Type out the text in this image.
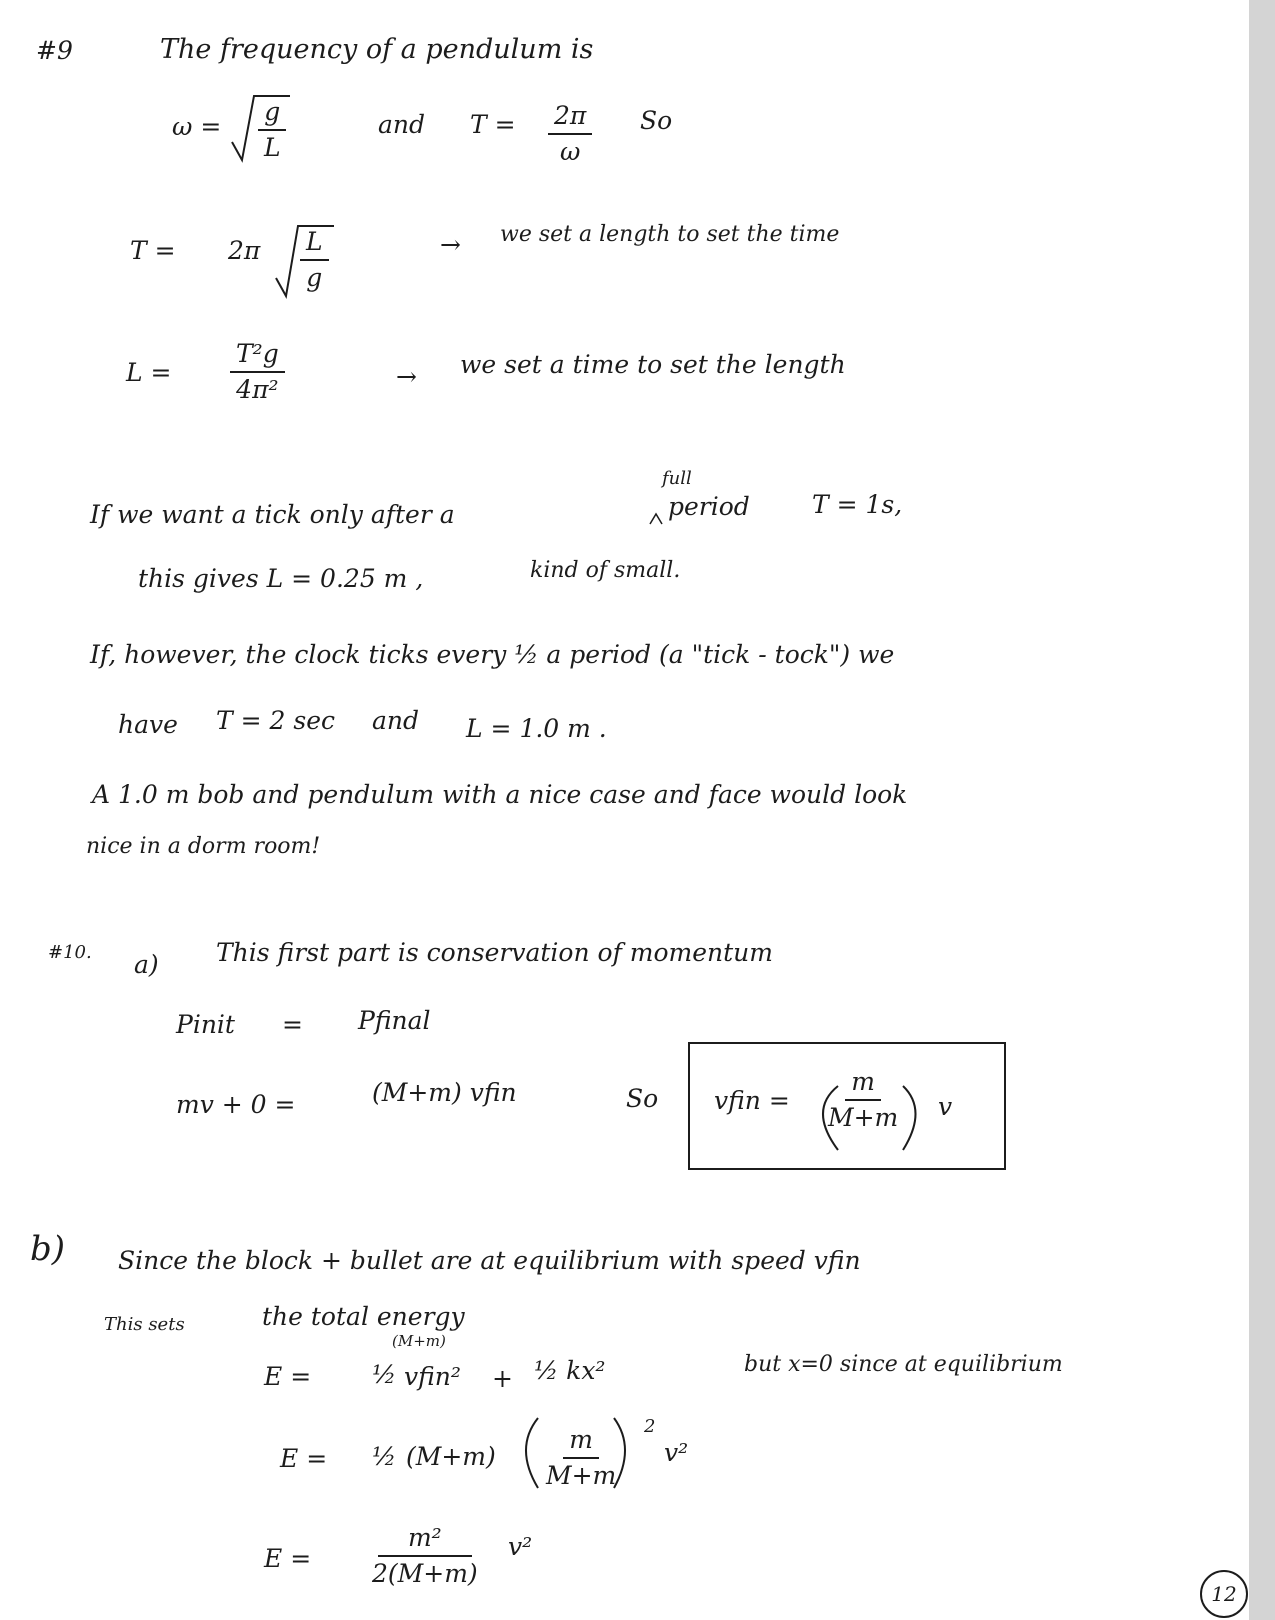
#9	The frequency of a pendulum is
$\omega = \frac{g}{L}$	and $T = \frac{2\pi}{\omega}$ So
$T = 2\pi \frac{L}{g}$	→ we set a length to set the time
$L = \frac{\text{T²g}}{\text{4π²}}$	→ we set a time to set the length
full
If we want a tick only after a	period T = 1s,
this gives L = 0.25 m ,	kind of small.
If, however, the clock ticks every ½ a period (a "tick - tock") we
have T = 2 sec and L = 1.0 m .
A 1.0 m bob and pendulum with a nice case and face would look
nice in a dorm room!
#10. a) This first part is conservation of momentum
Pinit = Pfinal
mv + 0 =	(M+m) vfin	So vfin = $\frac{m}{M+m}$ v
b) Since the block + bullet are at equilibrium with speed vfin
This sets	the total energy
(M+m)
E = ½ vfin² + ½ kx²	but x=0 since at equilibrium
E = ½ $(M+m) \frac{m}{M+m} 2$
v²
$E = \frac{\text{m²}}{2(M+m)} v^2$
12
